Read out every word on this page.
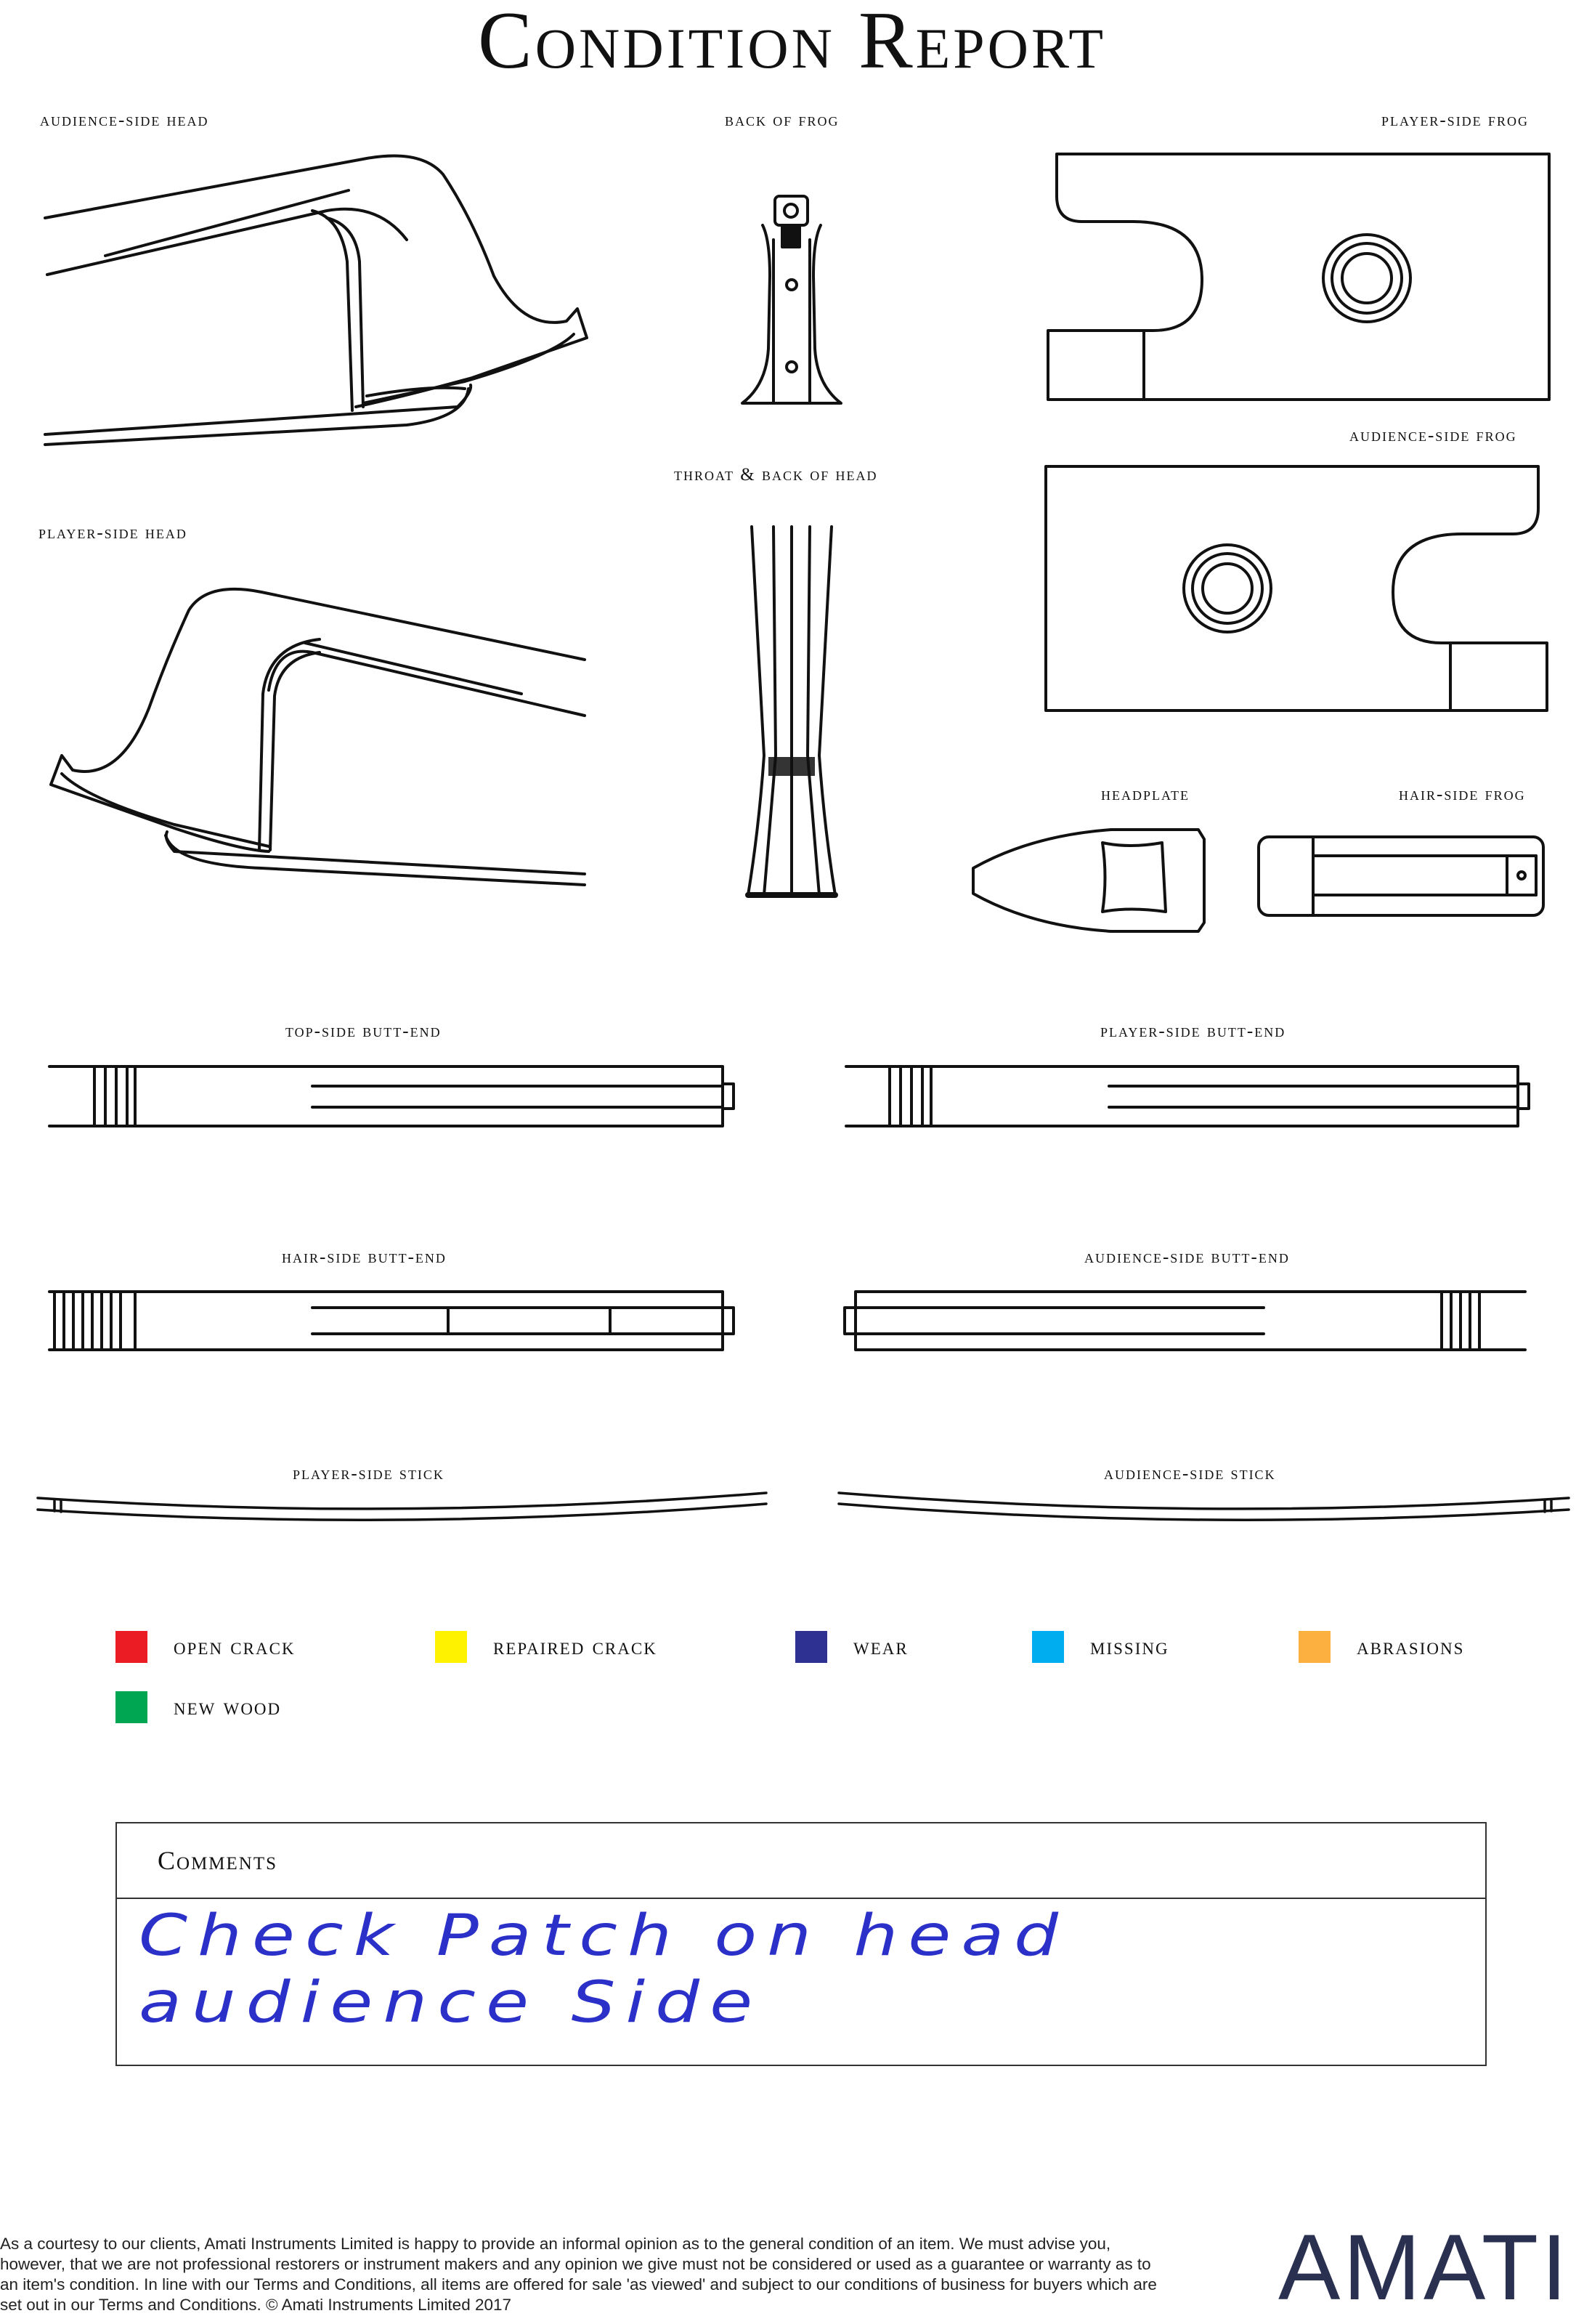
Condition Report
audience-side head	back of frog	player-side frog
throat & back of head
audience-side frog
player-side head
headplate	hair-side frog
top-side butt-end	player-side butt-end
hair-side butt-end	audience-side butt-end
player-side stick	audience-side stick
open crack	repaired crack	wear	missing	abrasions
new wood
Comments
Check Patch on head
audience Side
As a courtesy to our clients, Amati Instruments Limited is happy to provide an informal opinion as to the general condition of an item. We must advise you, however, that we are not professional restorers or instrument makers and any opinion we give must not be considered or used as a guarantee or warranty as to an item's condition. In line with our Terms and Conditions, all items are offered for sale 'as viewed' and subject to our conditions of business for buyers which are set out in our Terms and Conditions. © Amati Instruments Limited 2017	AMATI
